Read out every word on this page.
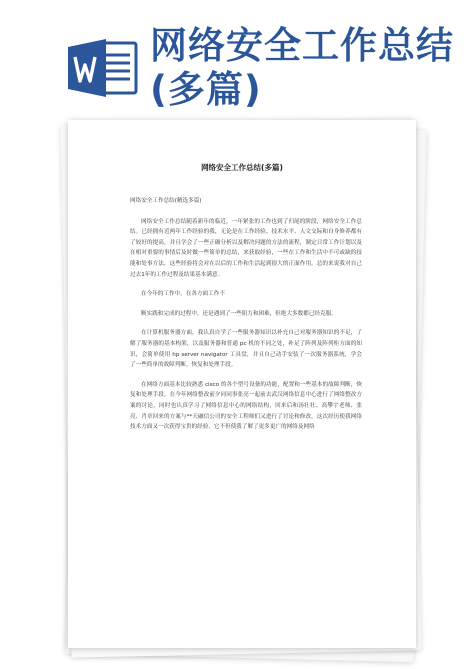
网络安全工作总结
(多篇)
网络安全工作总结(多篇)

网络安全工作总结(精选多篇)

网络安全工作总结随着新年的临近，一年紧张的工作也到了归尾的阶段，网络安全工作总结。已经拥有近两年工作经验的我，无论是在工作经验、技术水平、人文交际和自身修养都有了较好的提高，并且学会了一些正确分析以及解决问题的方法的流程，制定日常工作计划以及在相对重要的事情后及时做一些简单的总结，来获取经验，一些在工作和生活中不可或缺的技能和处事方法，这些经验将会对在以后的工作和生活起到很大的正面作用。总的来说我对自己过去1年的工作过程及结果基本满意。

在今年的工作中，在各方面工作不

断实践和完成的过程中，还是遇到了一些阻力和困难，但绝大多数都已经克服。

在计算机服务器方面，我认真自学了一些服务器知识以补充自己对服务器知识的不足，了解了服务器的基本构架，以及服务器和普通 pc 机的不同之处，补足了阵列及阵列柜方面的知识，会简单使用 hp server navigator 工具盘，并且自己动手安装了一次服务器系统，学会了一些简单的故障判断，恢复和处理手段。

在网络方面基本比较熟悉 cisco 的各个型号设备的功能，配置和一些基本的故障判断，恢复和处理手段。在今年网络整改前夕同同事张亮一起前去武汉网络信息中心进行了网络整改方案的讨论，同时也认真学习了网络信息中心的网络结构，回来后和汤壮壮、高攀宇老师、张亮、肖章回来的方案与**天融信公司的安全工程师们又进行了讨论和修改，这次经历使我网络技术方面又一次获得宝贵的经验，它不但使我了解了更多更广的网络及网络
